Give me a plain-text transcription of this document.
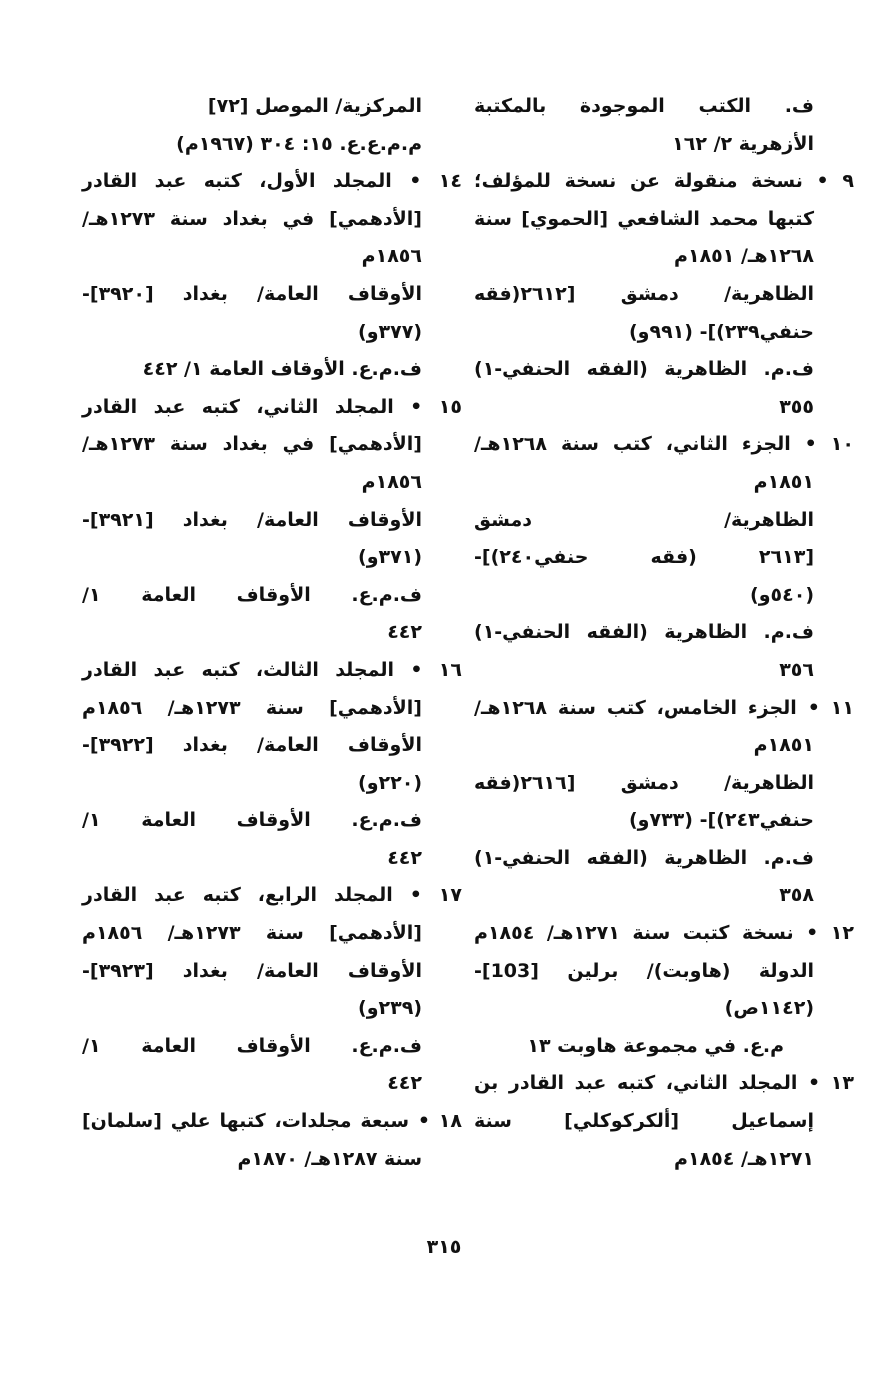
ف. الكتب الموجودة بالمكتبة
الأزهرية ٢/ ١٦٢
٩ • نسخة منقولة عن نسخة للمؤلف؛
كتبها محمد الشافعي [الحموي] سنة
١٢٦٨هـ/ ١٨٥١م
الظاهرية/ دمشق [٢٦١٢(فقه
حنفي٢٣٩)]- (٩٩١و)
ف.م. الظاهرية (الفقه الحنفي-١)
٣٥٥
١٠ • الجزء الثاني، كتب سنة ١٢٦٨هـ/
١٨٥١م
الظاهرية/ دمشق
[٢٦١٣ (فقه حنفي٢٤٠)]-
(٥٤٠و)
ف.م. الظاهرية (الفقه الحنفي-١)
٣٥٦
١١ • الجزء الخامس، كتب سنة ١٢٦٨هـ/
١٨٥١م
الظاهرية/ دمشق [٢٦١٦(فقه
حنفي٢٤٣)]- (٧٣٣و)
ف.م. الظاهرية (الفقه الحنفي-١)
٣٥٨
١٢ • نسخة كتبت سنة ١٢٧١هـ/ ١٨٥٤م
الدولة (هاوبت)/ برلين [103]-
(١١٤٢ص)
م.ع. في مجموعة هاوبت ١٣
١٣ • المجلد الثاني، كتبه عبد القادر بن
إسماعيل [ألكركوكلي] سنة
١٢٧١هـ/ ١٨٥٤م
المركزية/ الموصل [٧٢]
م.م.ع.ع. ١٥: ٣٠٤ (١٩٦٧م)
١٤ • المجلد الأول، كتبه عبد القادر
[الأدهمي] في بغداد سنة ١٢٧٣هـ/
١٨٥٦م
الأوقاف العامة/ بغداد [٣٩٢٠]-
(٣٧٧و)
ف.م.ع. الأوقاف العامة ١/ ٤٤٢
١٥ • المجلد الثاني، كتبه عبد القادر
[الأدهمي] في بغداد سنة ١٢٧٣هـ/
١٨٥٦م
الأوقاف العامة/ بغداد [٣٩٢١]-
(٣٧١و)
ف.م.ع. الأوقاف العامة ١/
٤٤٢
١٦ • المجلد الثالث، كتبه عبد القادر
[الأدهمي] سنة ١٢٧٣هـ/ ١٨٥٦م
الأوقاف العامة/ بغداد [٣٩٢٢]-
(٢٢٠و)
ف.م.ع. الأوقاف العامة ١/
٤٤٢
١٧ • المجلد الرابع، كتبه عبد القادر
[الأدهمي] سنة ١٢٧٣هـ/ ١٨٥٦م
الأوقاف العامة/ بغداد [٣٩٢٣]-
(٢٣٩و)
ف.م.ع. الأوقاف العامة ١/
٤٤٢
١٨ • سبعة مجلدات، كتبها علي [سلمان]
سنة ١٢٨٧هـ/ ١٨٧٠م
٣١٥
